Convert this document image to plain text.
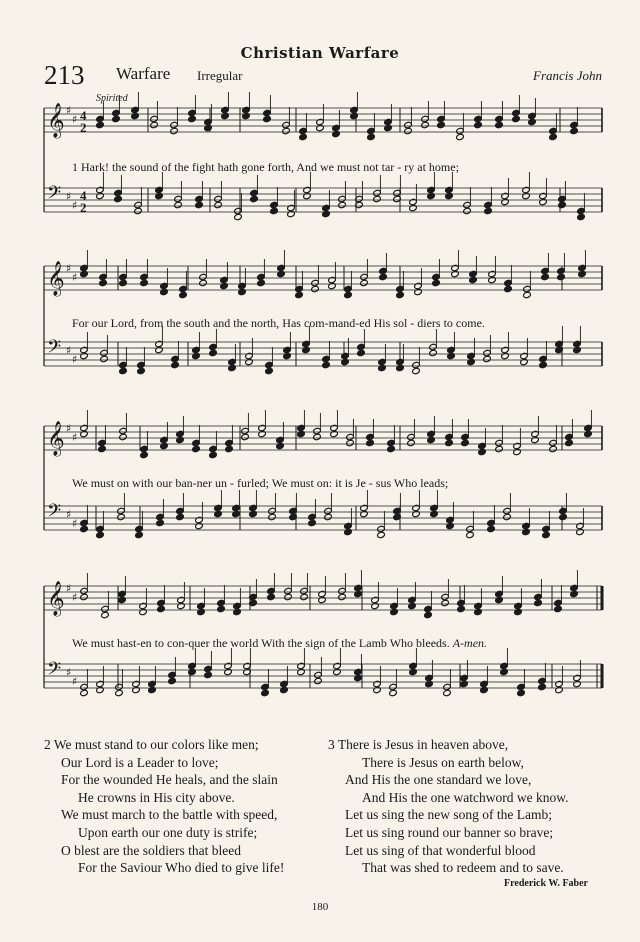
Christian Warfare
213 Warfare Irregular	Francis John
Spirited
𝄞 ♯
♯ 4
2
𝄢 ♯
♯
4
2
𝄞 ♯
♯
𝄢 ♯
♯
𝄞 ♯
♯
𝄢 ♯
♯
𝄞 ♯
♯
𝄢 ♯
♯
1 Hark! the sound of the fight hath gone forth, And we must not tar - ry at home;
For our Lord, from the south and the north, Has com-mand-ed His sol - diers to come.
We must on with our ban-ner un - furled; We must on: it is Je - sus Who leads;
We must hast-en to con-quer the world With the sign of the Lamb Who bleeds. A-men.
2 We must stand to our colors like men;
Our Lord is a Leader to love;
For the wounded He heals, and the slain
He crowns in His city above.
We must march to the battle with speed,
Upon earth our one duty is strife;
O blest are the soldiers that bleed
For the Saviour Who died to give life!
3 There is Jesus in heaven above,
There is Jesus on earth below,
And His the one standard we love,
And His the one watchword we know.
Let us sing the new song of the Lamb;
Let us sing round our banner so brave;
Let us sing of that wonderful blood
That was shed to redeem and to save.
Frederick W. Faber
180
